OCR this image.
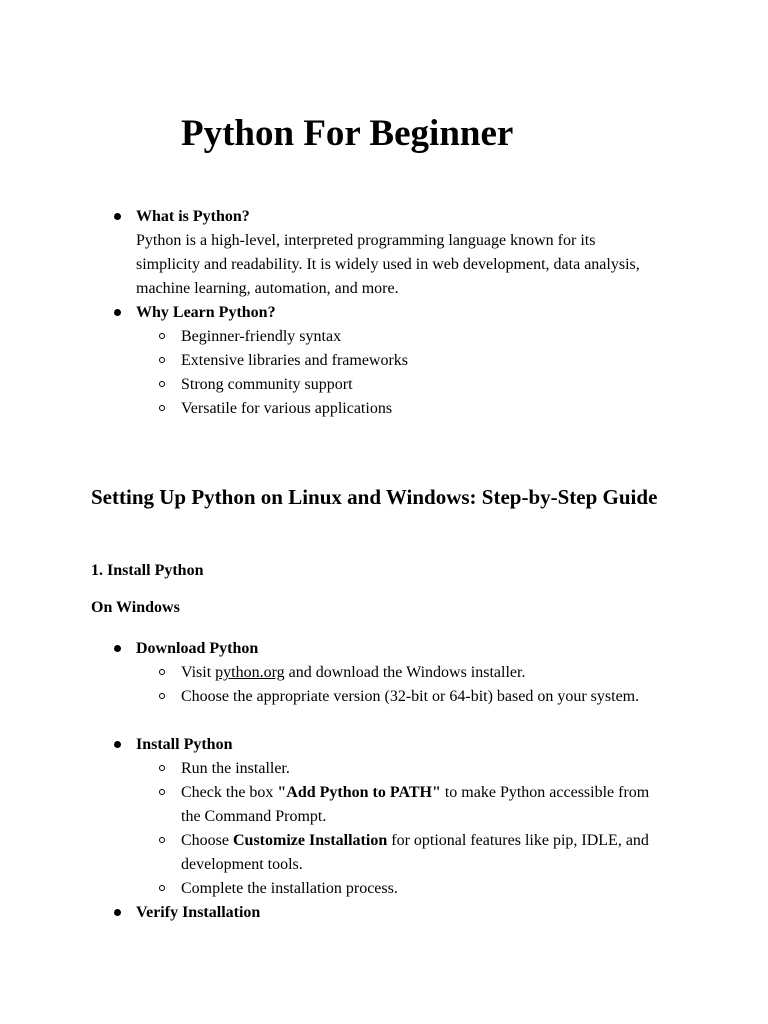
Python For Beginner
What is Python?

Python is a high-level, interpreted programming language known for its simplicity and readability. It is widely used in web development, data analysis, machine learning, automation, and more.
Why Learn Python?
Beginner-friendly syntax
Extensive libraries and frameworks
Strong community support
Versatile for various applications
Setting Up Python on Linux and Windows: Step-by-Step Guide
1. Install Python
On Windows
Download Python
Visit python.org and download the Windows installer.
Choose the appropriate version (32-bit or 64-bit) based on your system.
Install Python
Run the installer.
Check the box "Add Python to PATH" to make Python accessible from the Command Prompt.
Choose Customize Installation for optional features like pip, IDLE, and development tools.
Complete the installation process.
Verify Installation
